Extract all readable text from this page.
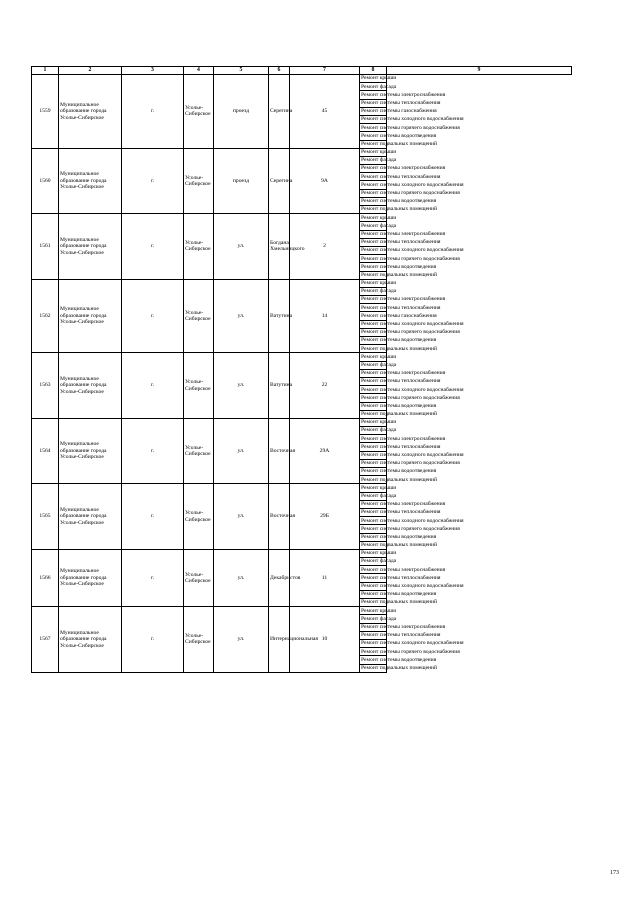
1	2	3	4	5	6	7	8	9
1559	Муниципальное образование города Усолье-Сибирское	г.	Усолье-Сибирское	проезд	Серегина	45	Ремонт крыши	
							Ремонт фасада	
							Ремонт системы электроснабжения	
							Ремонт системы теплоснабжения	
							Ремонт системы газоснабжения	
							Ремонт системы холодного водоснабжения	
							Ремонт системы горячего водоснабжения	
							Ремонт системы водоотведения	
							Ремонт подвальных помещений	
1560	Муниципальное образование города Усолье-Сибирское	г.	Усолье-Сибирское	проезд	Серегина	9А	Ремонт крыши	
							Ремонт фасада	
							Ремонт системы электроснабжения	
							Ремонт системы теплоснабжения	
							Ремонт системы холодного водоснабжения	
							Ремонт системы горячего водоснабжения	
							Ремонт системы водоотведения	
							Ремонт подвальных помещений	
1561	Муниципальное образование города Усолье-Сибирское	г.	Усолье-Сибирское	ул.	Богдана Хмельницкого	2	Ремонт крыши	
							Ремонт фасада	
							Ремонт системы электроснабжения	
							Ремонт системы теплоснабжения	
							Ремонт системы холодного водоснабжения	
							Ремонт системы горячего водоснабжения	
							Ремонт системы водоотведения	
							Ремонт подвальных помещений	
1562	Муниципальное образование города Усолье-Сибирское	г.	Усолье-Сибирское	ул.	Ватутина	14	Ремонт крыши	
							Ремонт фасада	
							Ремонт системы электроснабжения	
							Ремонт системы теплоснабжения	
							Ремонт системы газоснабжения	
							Ремонт системы холодного водоснабжения	
							Ремонт системы горячего водоснабжения	
							Ремонт системы водоотведения	
							Ремонт подвальных помещений	
1563	Муниципальное образование города Усолье-Сибирское	г.	Усолье-Сибирское	ул.	Ватутина	22	Ремонт крыши	
							Ремонт фасада	
							Ремонт системы электроснабжения	
							Ремонт системы теплоснабжения	
							Ремонт системы холодного водоснабжения	
							Ремонт системы горячего водоснабжения	
							Ремонт системы водоотведения	
							Ремонт подвальных помещений	
1564	Муниципальное образование города Усолье-Сибирское	г.	Усолье-Сибирское	ул.	Восточная	29А	Ремонт крыши	
							Ремонт фасада	
							Ремонт системы электроснабжения	
							Ремонт системы теплоснабжения	
							Ремонт системы холодного водоснабжения	
							Ремонт системы горячего водоснабжения	
							Ремонт системы водоотведения	
							Ремонт подвальных помещений	
1565	Муниципальное образование города Усолье-Сибирское	г.	Усолье-Сибирское	ул.	Восточная	29Б	Ремонт крыши	
							Ремонт фасада	
							Ремонт системы электроснабжения	
							Ремонт системы теплоснабжения	
							Ремонт системы холодного водоснабжения	
							Ремонт системы горячего водоснабжения	
							Ремонт системы водоотведения	
							Ремонт подвальных помещений	
1566	Муниципальное образование города Усолье-Сибирское	г.	Усолье-Сибирское	ул.	Декабристов	11	Ремонт крыши	
							Ремонт фасада	
							Ремонт системы электроснабжения	
							Ремонт системы теплоснабжения	
							Ремонт системы холодного водоснабжения	
							Ремонт системы водоотведения	
							Ремонт подвальных помещений	
1567	Муниципальное образование города Усолье-Сибирское	г.	Усолье-Сибирское	ул.	Интернациональная	10	Ремонт крыши	
							Ремонт фасада	
							Ремонт системы электроснабжения	
							Ремонт системы теплоснабжения	
							Ремонт системы холодного водоснабжения	
							Ремонт системы горячего водоснабжения	
							Ремонт системы водоотведения	
							Ремонт подвальных помещений	
173
